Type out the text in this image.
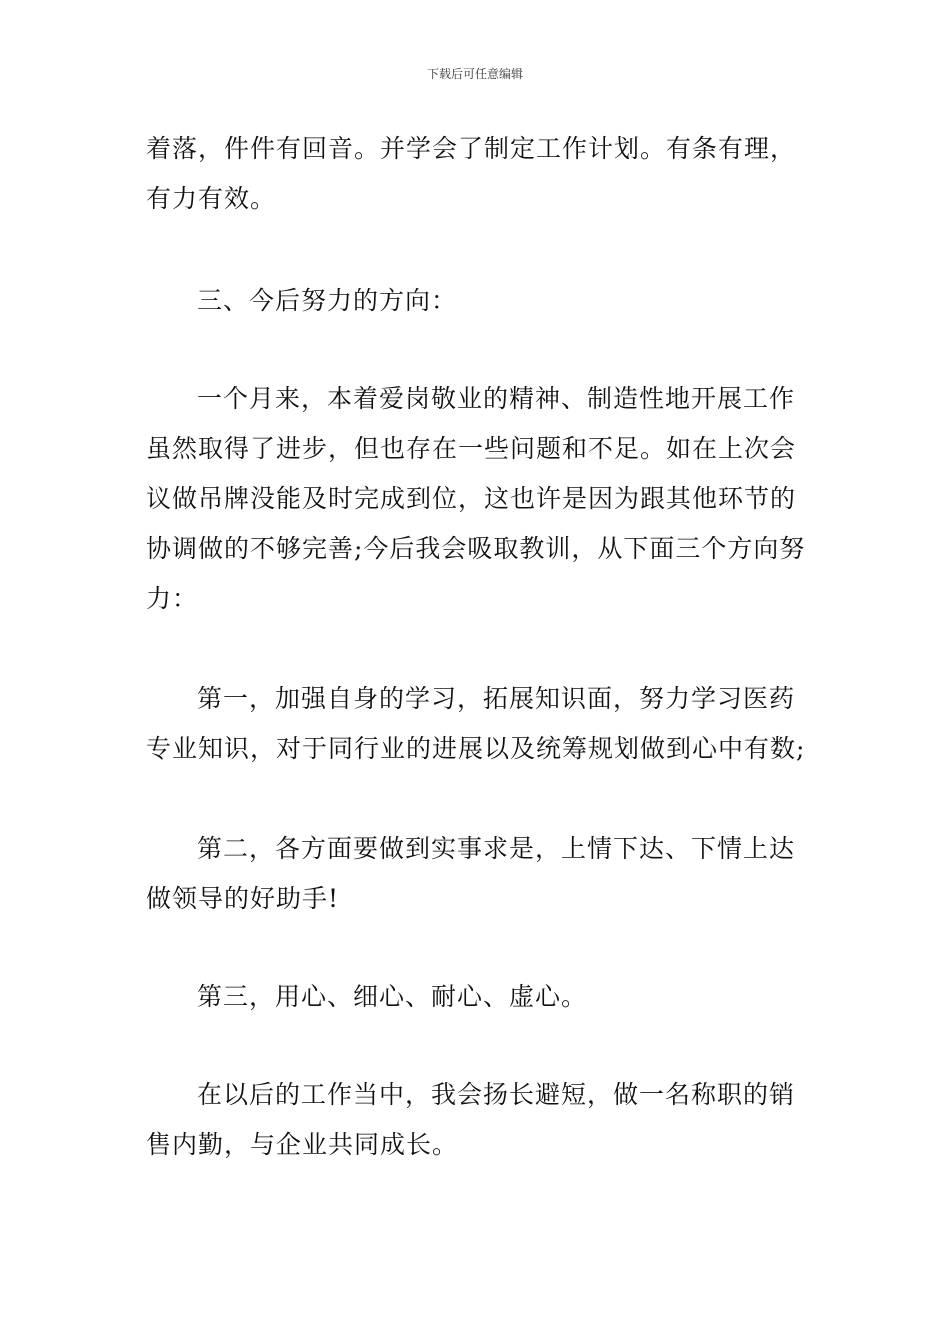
下载后可任意编辑

着落，件件有回音。并学会了制定工作计划。有条有理，
有力有效。

三、今后努力的方向：

一个月来，本着爱岗敬业的精神、制造性地开展工作
虽然取得了进步，但也存在一些问题和不足。如在上次会
议做吊牌没能及时完成到位，这也许是因为跟其他环节的
协调做的不够完善;今后我会吸取教训，从下面三个方向努
力：

第一，加强自身的学习，拓展知识面，努力学习医药
专业知识，对于同行业的进展以及统筹规划做到心中有数;

第二，各方面要做到实事求是，上情下达、下情上达
做领导的好助手!

第三，用心、细心、耐心、虚心。

在以后的工作当中，我会扬长避短，做一名称职的销
售内勤，与企业共同成长。
